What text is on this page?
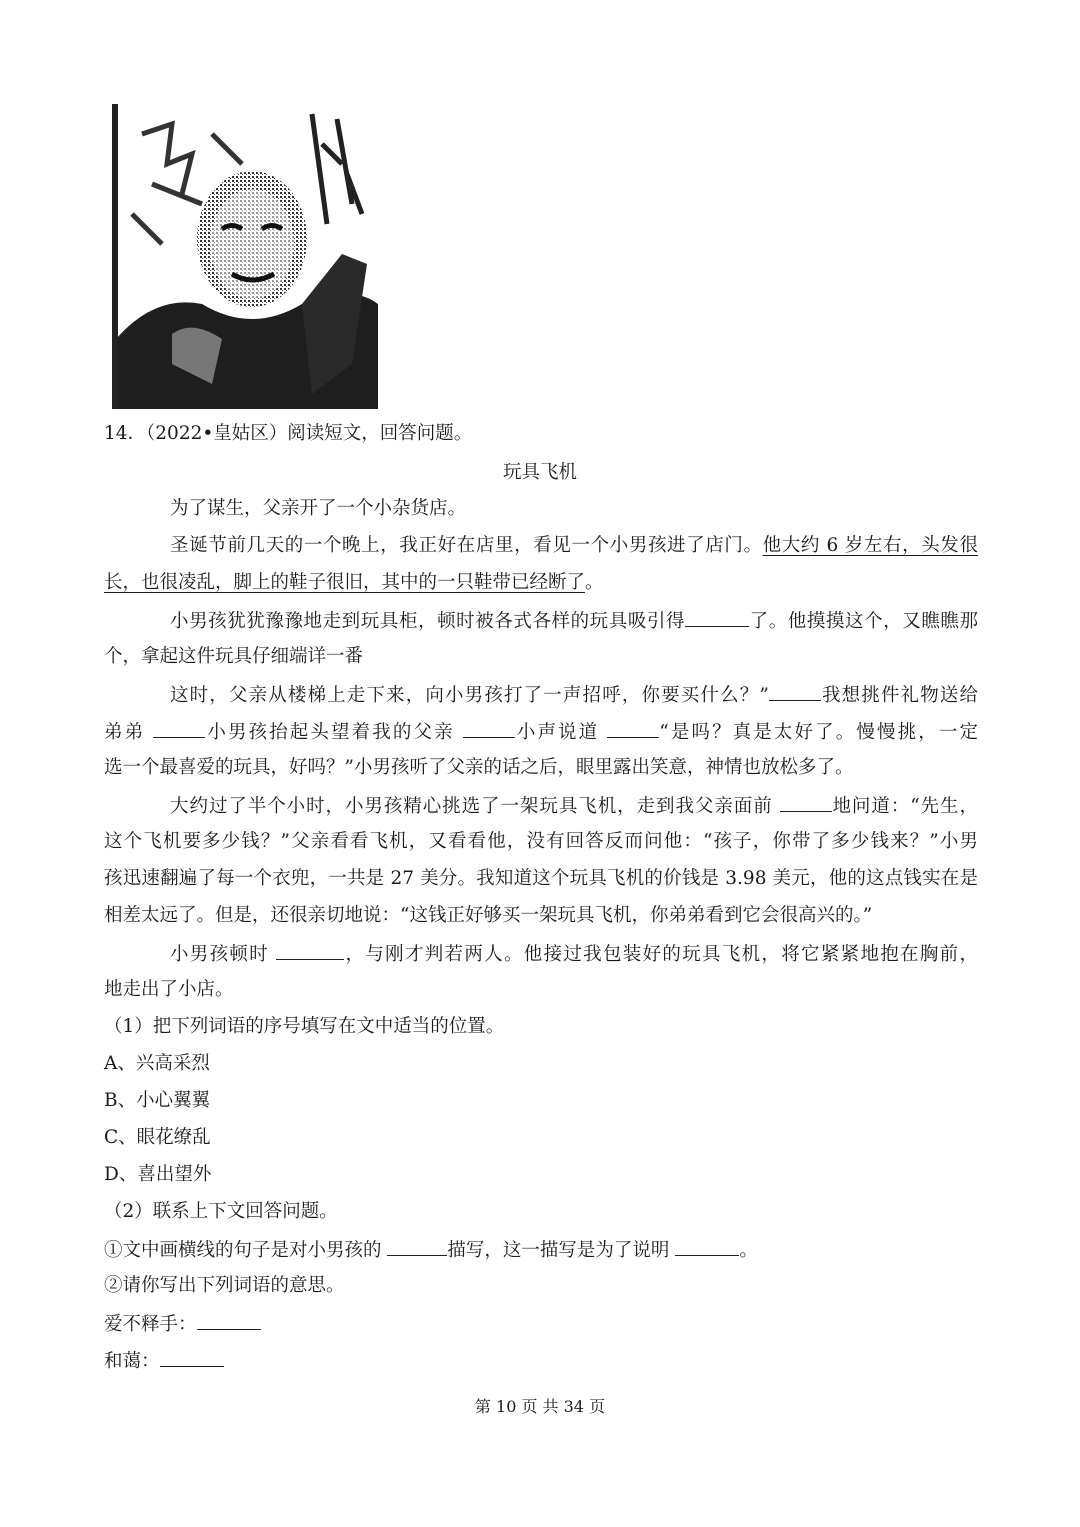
14．（2022•皇姑区）阅读短文，回答问题。
玩具飞机
为了谋生，父亲开了一个小杂货店。
圣诞节前几天的一个晚上，我正好在店里，看见一个小男孩进了店门。他大约 6 岁左右，头发很
长，也很凌乱，脚上的鞋子很旧，其中的一只鞋带已经断了。
小男孩犹犹豫豫地走到玩具柜，顿时被各式各样的玩具吸引得	了。他摸摸这个，又瞧瞧那
个，拿起这件玩具仔细端详一番
这时，父亲从楼梯上走下来，向小男孩打了一声招呼，你要买什么？”	我想挑件礼物送给
弟弟	小男孩抬起头望着我的父亲	小声说道	“是吗？真是太好了。慢慢挑，一定
选一个最喜爱的玩具，好吗？”小男孩听了父亲的话之后，眼里露出笑意，神情也放松多了。
大约过了半个小时，小男孩精心挑选了一架玩具飞机，走到我父亲面前	地问道：“先生，
这个飞机要多少钱？”父亲看看飞机，又看看他，没有回答反而问他：“孩子，你带了多少钱来？”小男
孩迅速翻遍了每一个衣兜，一共是 27 美分。我知道这个玩具飞机的价钱是 3.98 美元，他的这点钱实在是
相差太远了。但是，还很亲切地说：“这钱正好够买一架玩具飞机，你弟弟看到它会很高兴的。”
小男孩顿时	，与刚才判若两人。他接过我包装好的玩具飞机，将它紧紧地抱在胸前，
地走出了小店。
（1）把下列词语的序号填写在文中适当的位置。
A、兴高采烈
B、小心翼翼
C、眼花缭乱
D、喜出望外
（2）联系上下文回答问题。
①文中画横线的句子是对小男孩的	描写，这一描写是为了说明	。
②请你写出下列词语的意思。
爱不释手：
和蔼：
第 10 页 共 34 页
